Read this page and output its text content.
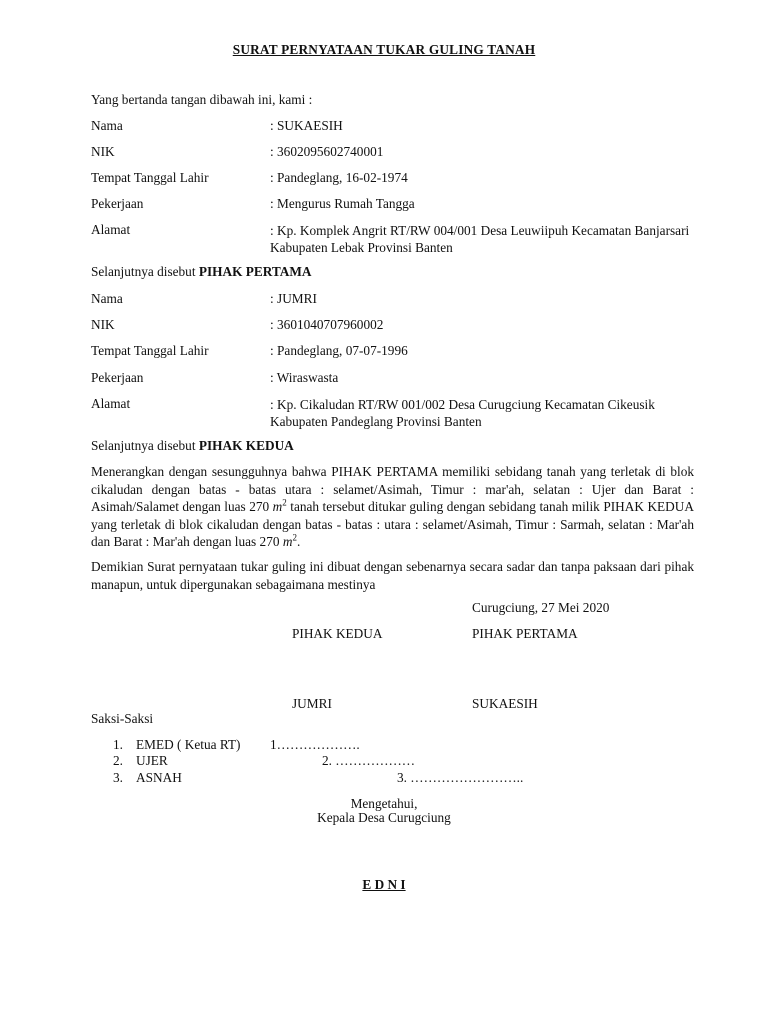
SURAT PERNYATAAN TUKAR GULING TANAH
Yang bertanda tangan dibawah ini, kami :
Nama	: SUKAESIH
NIK	: 3602095602740001
Tempat Tanggal Lahir	: Pandeglang, 16-02-1974
Pekerjaan	: Mengurus Rumah Tangga
Alamat	: Kp. Komplek Angrit RT/RW 004/001 Desa Leuwiipuh Kecamatan Banjarsari Kabupaten Lebak Provinsi Banten
Selanjutnya disebut PIHAK PERTAMA
Nama	: JUMRI
NIK	: 3601040707960002
Tempat Tanggal Lahir	: Pandeglang, 07-07-1996
Pekerjaan	: Wiraswasta
Alamat	: Kp. Cikaludan RT/RW 001/002 Desa Curugciung Kecamatan Cikeusik Kabupaten Pandeglang Provinsi Banten
Selanjutnya disebut PIHAK KEDUA
Menerangkan dengan sesungguhnya bahwa PIHAK PERTAMA memiliki sebidang tanah yang terletak di blok cikaludan dengan batas - batas utara : selamet/Asimah, Timur : mar'ah, selatan : Ujer dan Barat : Asimah/Salamet dengan luas 270 $m^2$ tanah tersebut ditukar guling dengan sebidang tanah milik PIHAK KEDUA yang terletak di blok cikaludan dengan batas - batas : utara : selamet/Asimah, Timur : Sarmah, selatan : Mar'ah dan Barat : Mar'ah dengan luas 270 $m^2$.
Demikian Surat pernyataan tukar guling ini dibuat dengan sebenarnya secara sadar dan tanpa paksaan dari pihak manapun, untuk dipergunakan sebagaimana mestinya
Curugciung, 27 Mei 2020
PIHAK KEDUA	PIHAK PERTAMA
JUMRI	SUKAESIH
Saksi-Saksi
1. EMED ( Ketua RT) 1……………….
2. UJER	2. ………………
3. ASNAH	3. ……………………..
Mengetahui,
Kepala Desa Curugciung
E D N I
